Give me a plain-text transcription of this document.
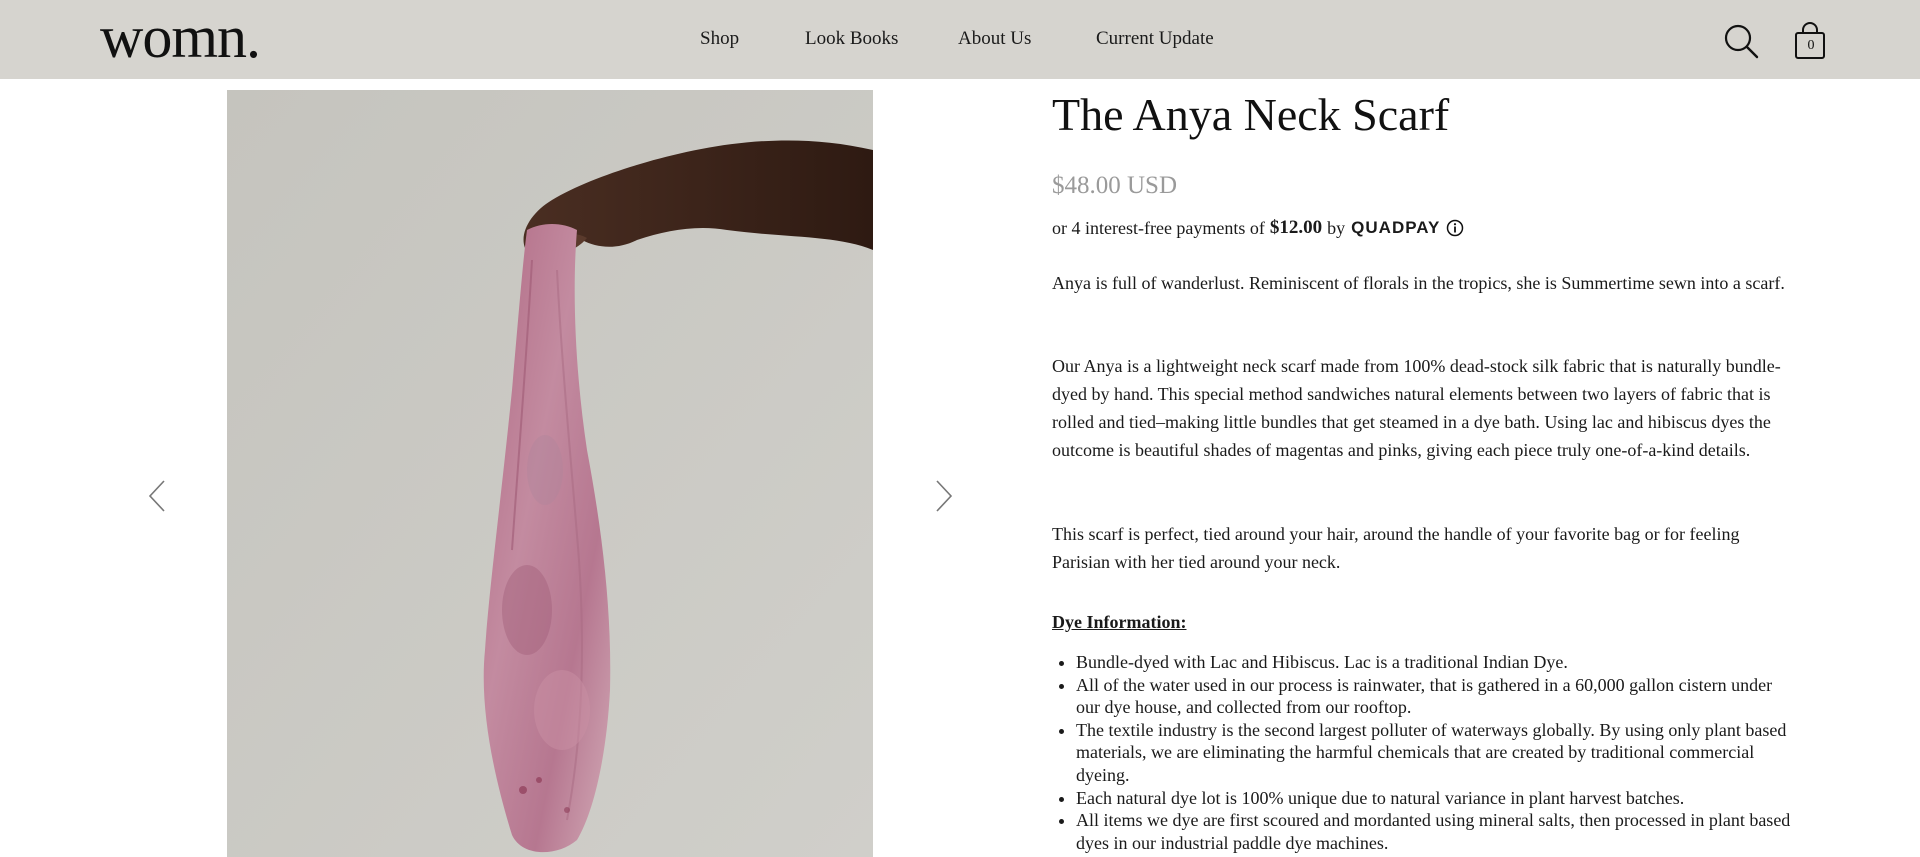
womn.	Shop	Look Books	About Us	Current Update	0
The Anya Neck Scarf
$48.00 USD
or 4 interest-free payments of $12.00 by QUADPAY

Anya is full of wanderlust. Reminiscent of florals in the tropics, she is Summertime sewn into a scarf.

Our Anya is a lightweight neck scarf made from 100% dead-stock silk fabric that is naturally bundle-dyed by hand. This special method sandwiches natural elements between two layers of fabric that is rolled and tied–making little bundles that get steamed in a dye bath. Using lac and hibiscus dyes the outcome is beautiful shades of magentas and pinks, giving each piece truly one-of-a-kind details.

This scarf is perfect, tied around your hair, around the handle of your favorite bag or for feeling Parisian with her tied around your neck.

Dye Information:
• Bundle-dyed with Lac and Hibiscus. Lac is a traditional Indian Dye.
• All of the water used in our process is rainwater, that is gathered in a 60,000 gallon cistern under our dye house, and collected from our rooftop.
• The textile industry is the second largest polluter of waterways globally. By using only plant based materials, we are eliminating the harmful chemicals that are created by traditional commercial dyeing.
• Each natural dye lot is 100% unique due to natural variance in plant harvest batches.
• All items we dye are first scoured and mordanted using mineral salts, then processed in plant based dyes in our industrial paddle dye machines.
